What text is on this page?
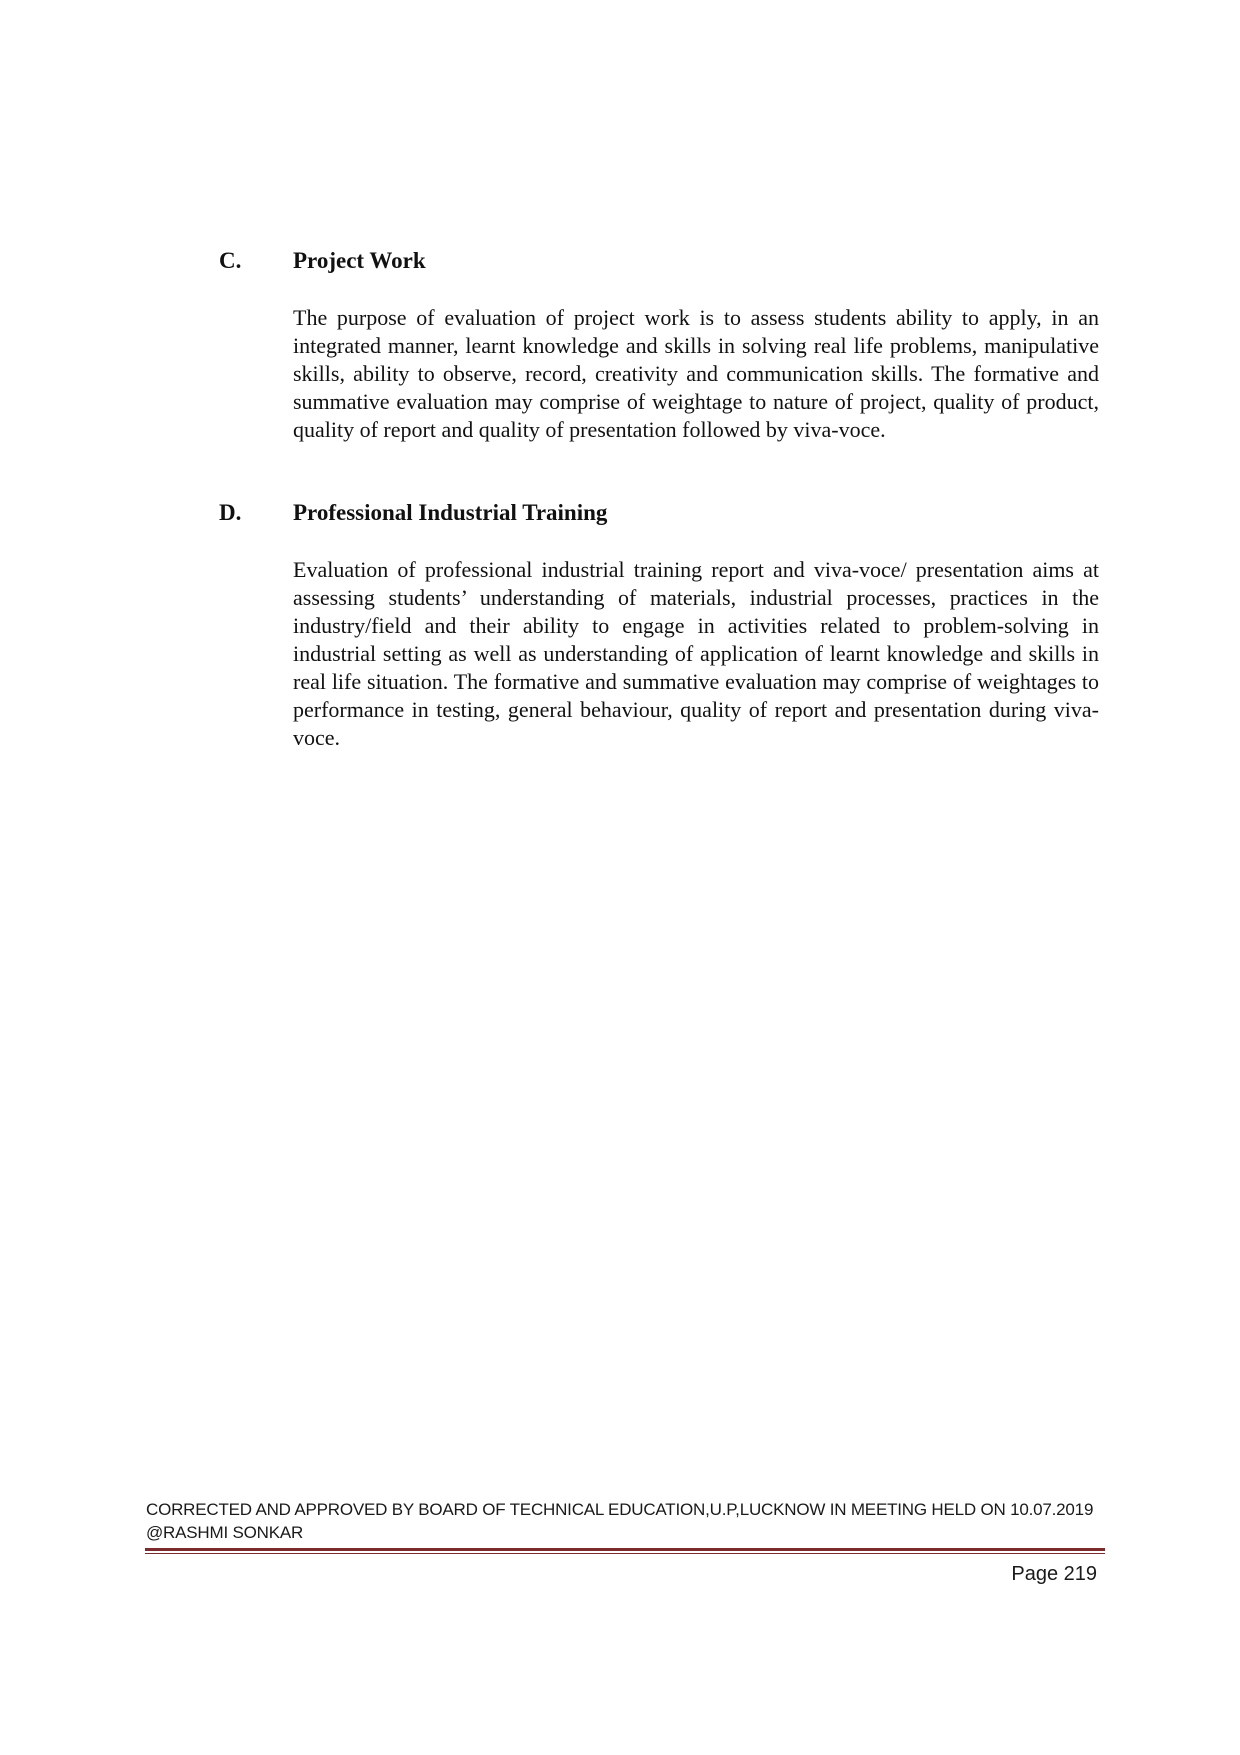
C. Project Work

The purpose of evaluation of project work is to assess students ability to apply, in an integrated manner, learnt knowledge and skills in solving real life problems, manipulative skills, ability to observe, record, creativity and communication skills. The formative and summative evaluation may comprise of weightage to nature of project, quality of product, quality of report and quality of presentation followed by viva-voce.

D. Professional Industrial Training

Evaluation of professional industrial training report and viva-voce/ presentation aims at assessing students’ understanding of materials, industrial processes, practices in the industry/field and their ability to engage in activities related to problem-solving in industrial setting as well as understanding of application of learnt knowledge and skills in real life situation. The formative and summative evaluation may comprise of weightages to performance in testing, general behaviour, quality of report and presentation during viva-voce.

CORRECTED AND APPROVED BY BOARD OF TECHNICAL EDUCATION,U.P,LUCKNOW IN MEETING HELD ON 10.07.2019 @RASHMI SONKAR
Page 219
